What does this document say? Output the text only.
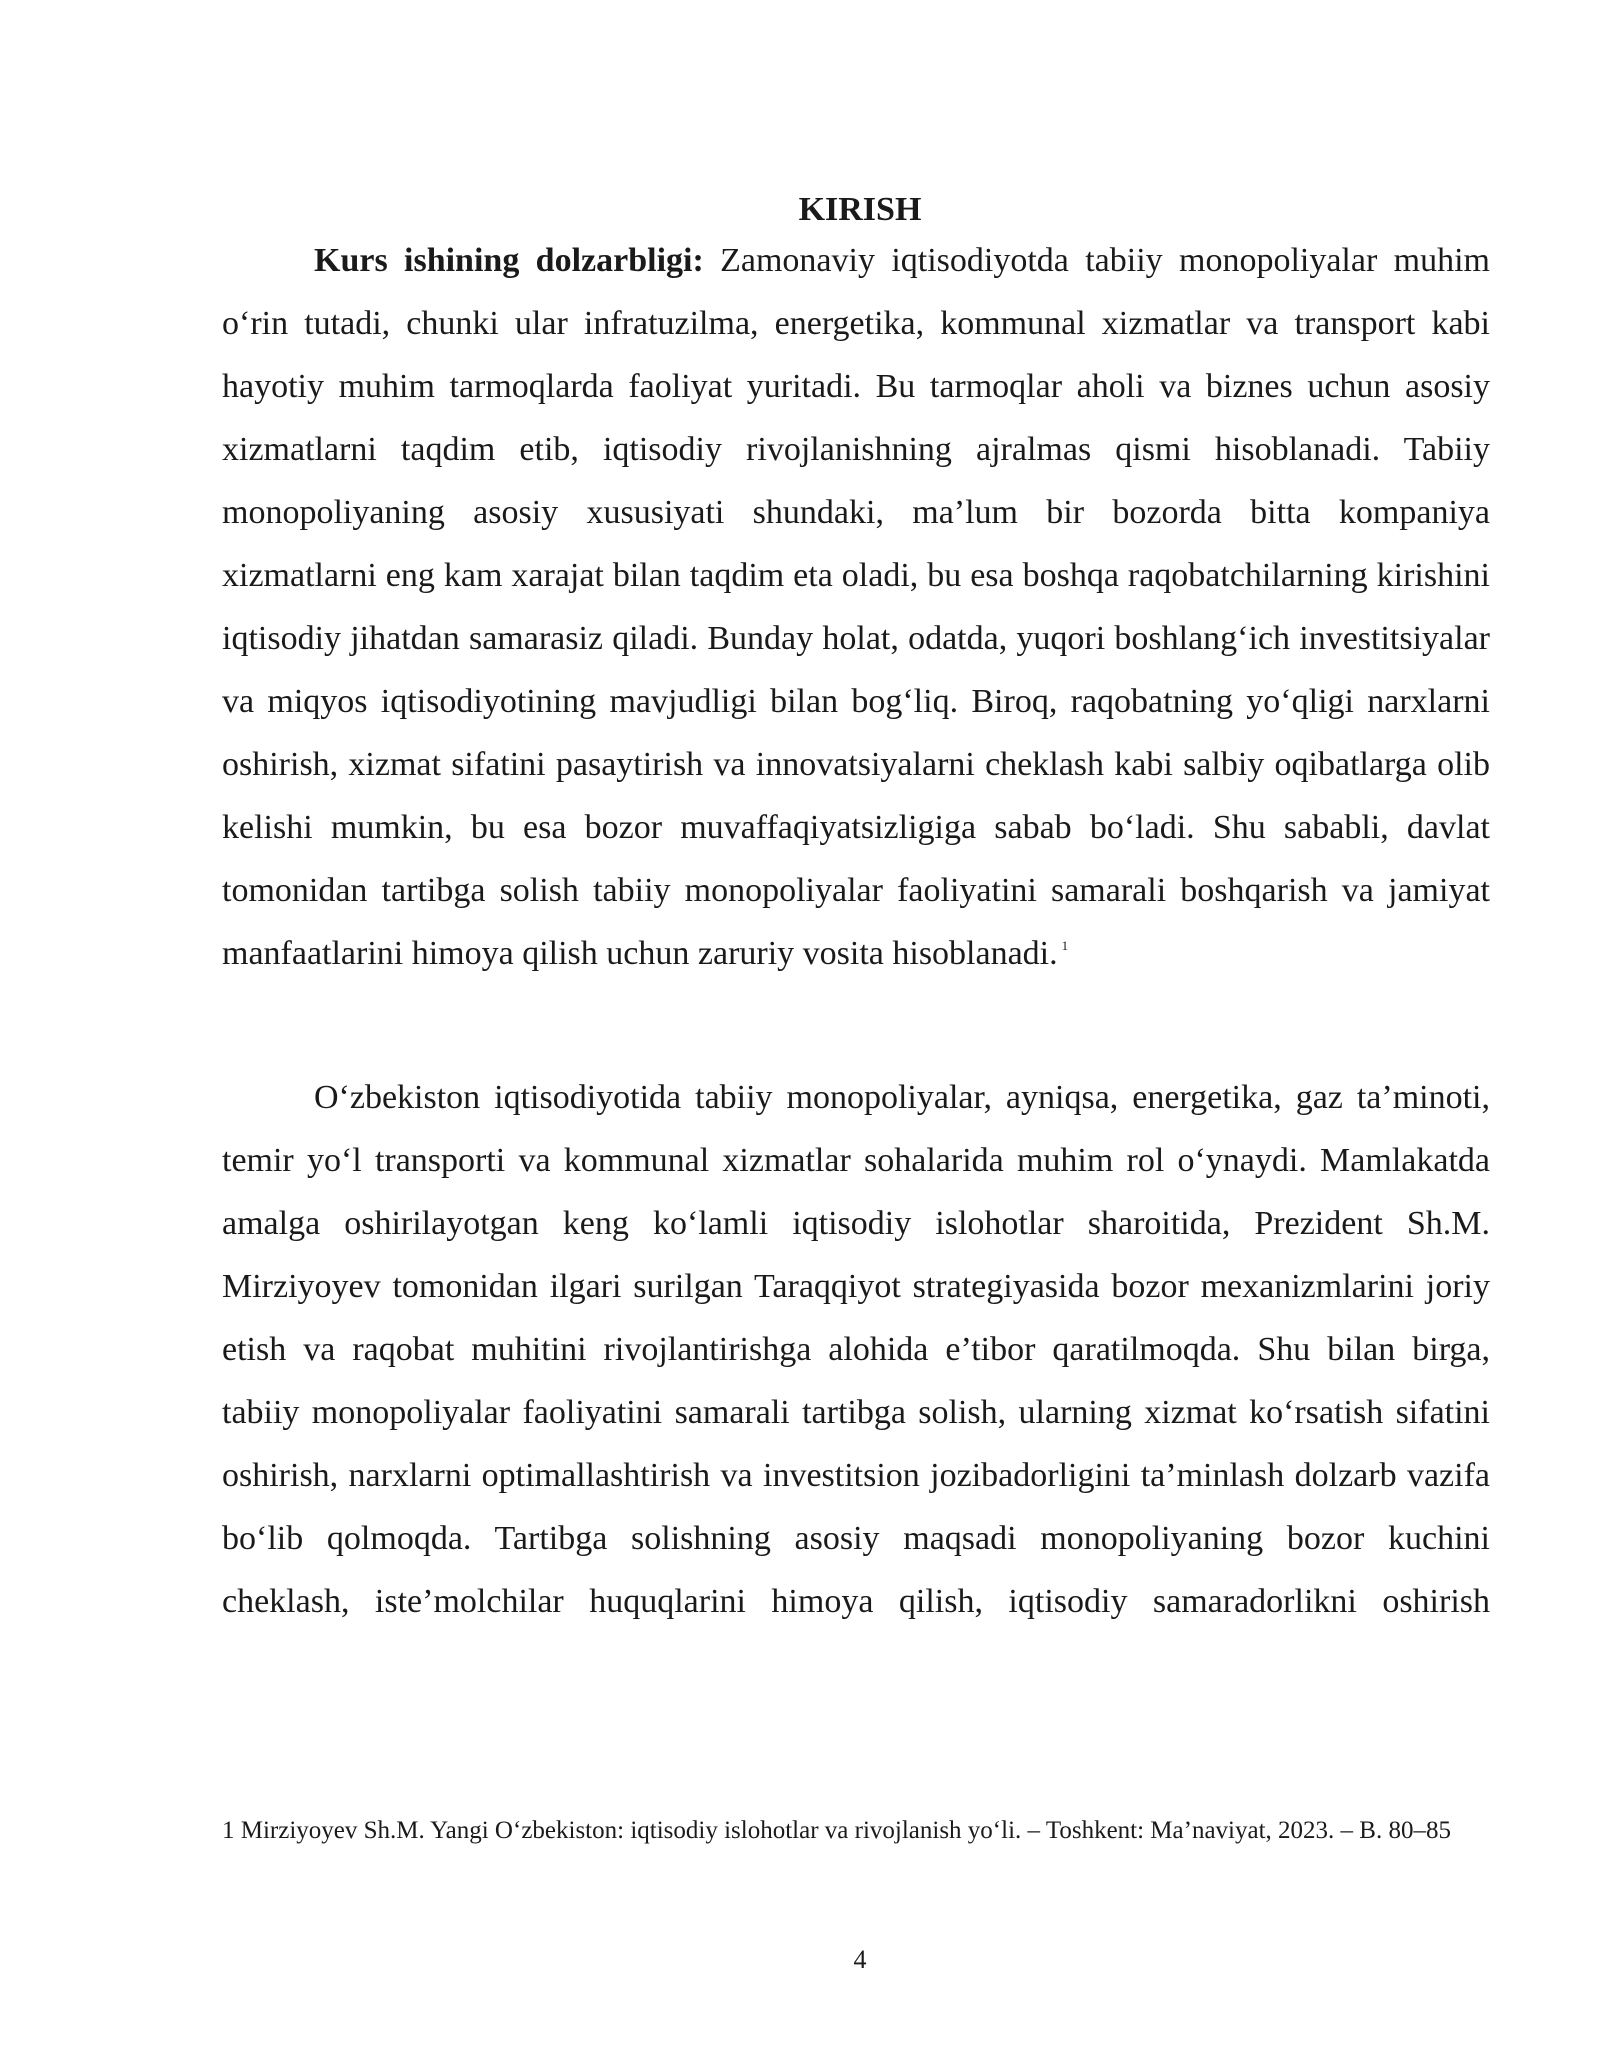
KIRISH

Kurs ishining dolzarbligi: Zamonaviy iqtisodiyotda tabiiy monopoliyalar muhim o‘rin tutadi, chunki ular infratuzilma, energetika, kommunal xizmatlar va transport kabi hayotiy muhim tarmoqlarda faoliyat yuritadi. Bu tarmoqlar aholi va biznes uchun asosiy xizmatlarni taqdim etib, iqtisodiy rivojlanishning ajralmas qismi hisoblanadi. Tabiiy monopoliyaning asosiy xususiyati shundaki, ma’lum bir bozorda bitta kompaniya xizmatlarni eng kam xarajat bilan taqdim eta oladi, bu esa boshqa raqobatchilarning kirishini iqtisodiy jihatdan samarasiz qiladi. Bunday holat, odatda, yuqori boshlang‘ich investitsiyalar va miqyos iqtisodiyotining mavjudligi bilan bog‘liq. Biroq, raqobatning yo‘qligi narxlarni oshirish, xizmat sifatini pasaytirish va innovatsiyalarni cheklash kabi salbiy oqibatlarga olib kelishi mumkin, bu esa bozor muvaffaqiyatsizligiga sabab bo‘ladi. Shu sababli, davlat tomonidan tartibga solish tabiiy monopoliyalar faoliyatini samarali boshqarish va jamiyat manfaatlarini himoya qilish uchun zaruriy vosita hisoblanadi. $^1$

O‘zbekiston iqtisodiyotida tabiiy monopoliyalar, ayniqsa, energetika, gaz ta’minoti, temir yo‘l transporti va kommunal xizmatlar sohalarida muhim rol o‘ynaydi. Mamlakatda amalga oshirilayotgan keng ko‘lamli iqtisodiy islohotlar sharoitida, Prezident Sh.M. Mirziyoyev tomonidan ilgari surilgan Taraqqiyot strategiyasida bozor mexanizmlarini joriy etish va raqobat muhitini rivojlantirishga alohida e’tibor qaratilmoqda. Shu bilan birga, tabiiy monopoliyalar faoliyatini samarali tartibga solish, ularning xizmat ko‘rsatish sifatini oshirish, narxlarni optimallashtirish va investitsion jozibadorligini ta’minlash dolzarb vazifa bo‘lib qolmoqda. Tartibga solishning asosiy maqsadi monopoliyaning bozor kuchini cheklash, iste’molchilar huquqlarini himoya qilish, iqtisodiy samaradorlikni oshirish

1 Mirziyoyev Sh.M. Yangi O‘zbekiston: iqtisodiy islohotlar va rivojlanish yo‘li. – Toshkent: Ma’naviyat, 2023. – B. 80–85

4
